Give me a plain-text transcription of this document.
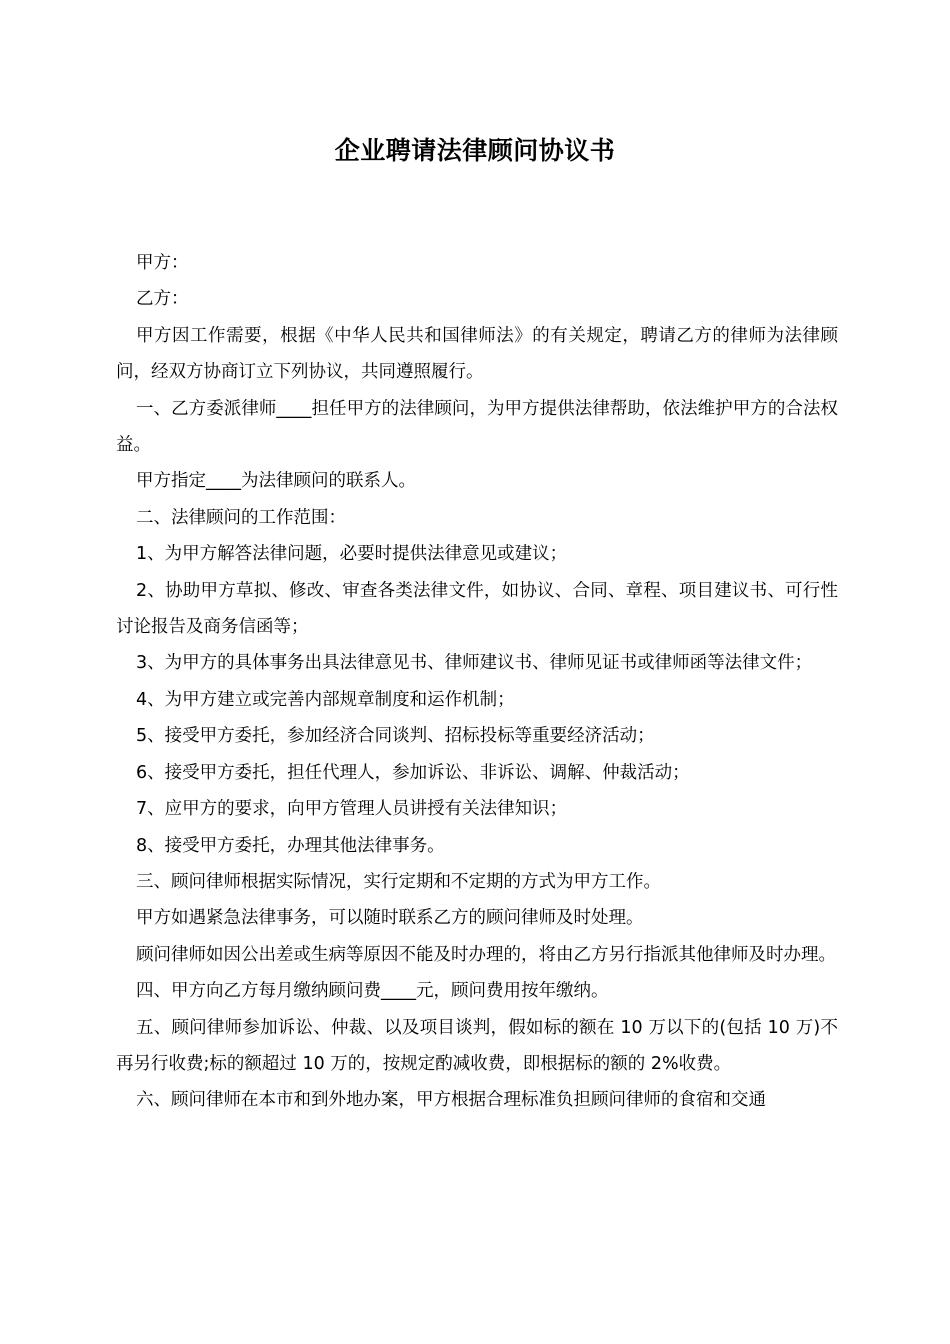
企业聘请法律顾问协议书

甲方：

乙方：

甲方因工作需要，根据《中华人民共和国律师法》的有关规定，聘请乙方的律师为法律顾问，经双方协商订立下列协议，共同遵照履行。

一、乙方委派律师____担任甲方的法律顾问，为甲方提供法律帮助，依法维护甲方的合法权益。

甲方指定____为法律顾问的联系人。

二、法律顾问的工作范围：

1、为甲方解答法律问题，必要时提供法律意见或建议；

2、协助甲方草拟、修改、审查各类法律文件，如协议、合同、章程、项目建议书、可行性讨论报告及商务信函等；

3、为甲方的具体事务出具法律意见书、律师建议书、律师见证书或律师函等法律文件；

4、为甲方建立或完善内部规章制度和运作机制；

5、接受甲方委托，参加经济合同谈判、招标投标等重要经济活动；

6、接受甲方委托，担任代理人，参加诉讼、非诉讼、调解、仲裁活动；

7、应甲方的要求，向甲方管理人员讲授有关法律知识；

8、接受甲方委托，办理其他法律事务。

三、顾问律师根据实际情况，实行定期和不定期的方式为甲方工作。

甲方如遇紧急法律事务，可以随时联系乙方的顾问律师及时处理。

顾问律师如因公出差或生病等原因不能及时办理的，将由乙方另行指派其他律师及时办理。

四、甲方向乙方每月缴纳顾问费____元，顾问费用按年缴纳。

五、顾问律师参加诉讼、仲裁、以及项目谈判，假如标的额在 10 万以下的(包括 10 万)不再另行收费;标的额超过 10 万的，按规定酌减收费，即根据标的额的 2%收费。

六、顾问律师在本市和到外地办案，甲方根据合理标准负担顾问律师的食宿和交通
